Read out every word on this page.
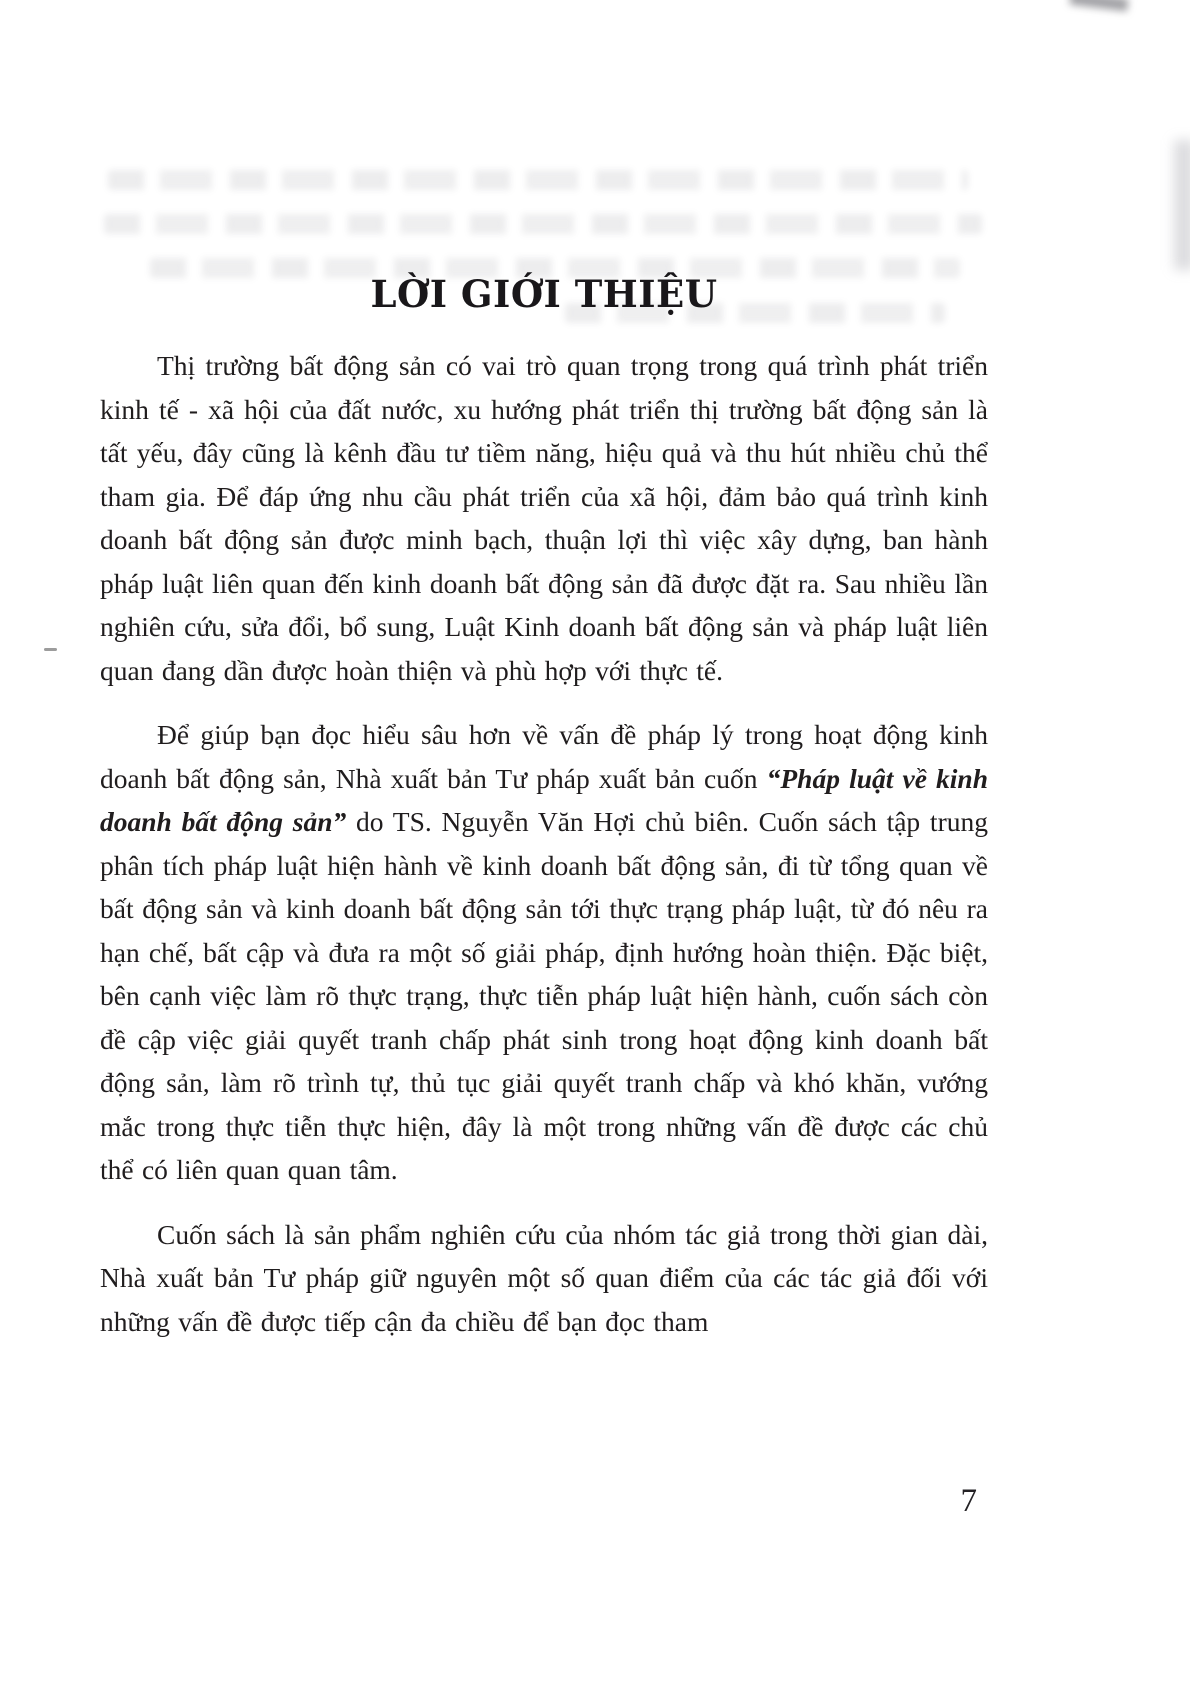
LỜI GIỚI THIỆU

Thị trường bất động sản có vai trò quan trọng trong quá trình phát triển kinh tế - xã hội của đất nước, xu hướng phát triển thị trường bất động sản là tất yếu, đây cũng là kênh đầu tư tiềm năng, hiệu quả và thu hút nhiều chủ thể tham gia. Để đáp ứng nhu cầu phát triển của xã hội, đảm bảo quá trình kinh doanh bất động sản được minh bạch, thuận lợi thì việc xây dựng, ban hành pháp luật liên quan đến kinh doanh bất động sản đã được đặt ra. Sau nhiều lần nghiên cứu, sửa đổi, bổ sung, Luật Kinh doanh bất động sản và pháp luật liên quan đang dần được hoàn thiện và phù hợp với thực tế.

Để giúp bạn đọc hiểu sâu hơn về vấn đề pháp lý trong hoạt động kinh doanh bất động sản, Nhà xuất bản Tư pháp xuất bản cuốn “Pháp luật về kinh doanh bất động sản” do TS. Nguyễn Văn Hợi chủ biên. Cuốn sách tập trung phân tích pháp luật hiện hành về kinh doanh bất động sản, đi từ tổng quan về bất động sản và kinh doanh bất động sản tới thực trạng pháp luật, từ đó nêu ra hạn chế, bất cập và đưa ra một số giải pháp, định hướng hoàn thiện. Đặc biệt, bên cạnh việc làm rõ thực trạng, thực tiễn pháp luật hiện hành, cuốn sách còn đề cập việc giải quyết tranh chấp phát sinh trong hoạt động kinh doanh bất động sản, làm rõ trình tự, thủ tục giải quyết tranh chấp và khó khăn, vướng mắc trong thực tiễn thực hiện, đây là một trong những vấn đề được các chủ thể có liên quan quan tâm.

Cuốn sách là sản phẩm nghiên cứu của nhóm tác giả trong thời gian dài, Nhà xuất bản Tư pháp giữ nguyên một số quan điểm của các tác giả đối với những vấn đề được tiếp cận đa chiều để bạn đọc tham

7
